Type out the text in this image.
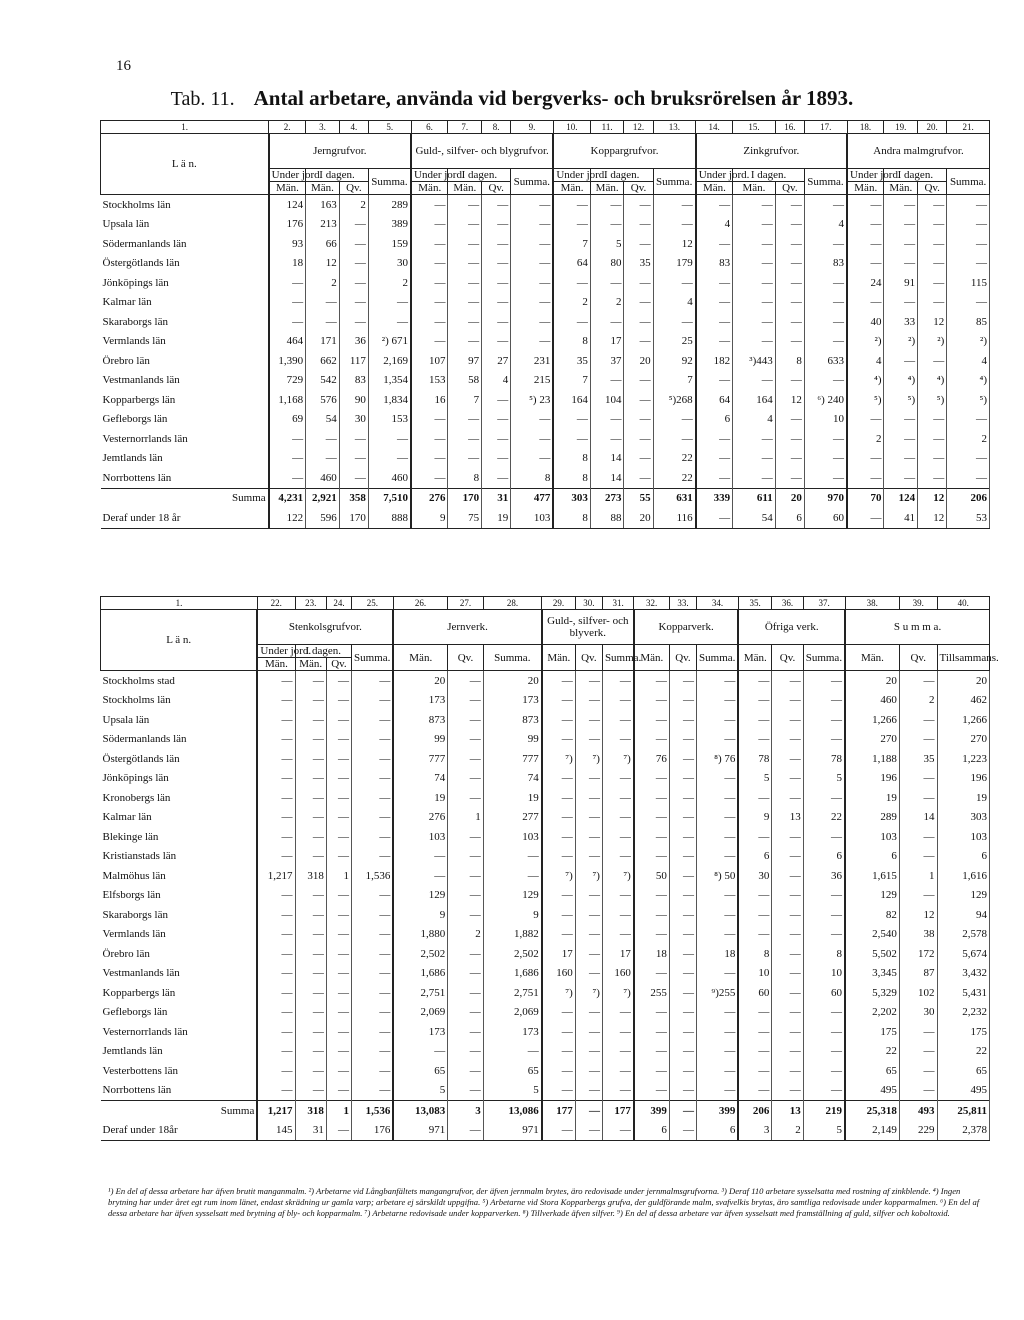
16
Tab. 11. Antal arbetare, använda vid bergverks- och bruksrörelsen år 1893.
1.	2.	3.	4.	5.	6.	7.	8.	9.	10.	11.	12.	13.	14.	15.	16.	17.	18.	19.	20.	21.
L ä n.	Jerngrufvor.				Guld-, silfver- och blygrufvor.				Koppargrufvor.				Zinkgrufvor.				Andra malmgrufvor.			
	Under jord.	I dagen.		Summa.	Under jord.	I dagen.		Summa.	Under jord.	I dagen.		Summa.	Under jord.	I dagen.		Summa.	Under jord.	I dagen.		Summa.
	Män.	Män.	Qv.		Män.	Män.	Qv.		Män.	Män.	Qv.		Män.	Män.	Qv.		Män.	Män.	Qv.	
Stockholms län	124	163	2	289	—	—	—	—	—	—	—	—	—	—	—	—	—	—	—	—
Upsala län	176	213	—	389	—	—	—	—	—	—	—	—	4	—	—	4	—	—	—	—
Södermanlands län	93	66	—	159	—	—	—	—	7	5	—	12	—	—	—	—	—	—	—	—
Östergötlands län	18	12	—	30	—	—	—	—	64	80	35	179	83	—	—	83	—	—	—	—
Jönköpings län	—	2	—	2	—	—	—	—	—	—	—	—	—	—	—	—	24	91	—	115
Kalmar län	—	—	—	—	—	—	—	—	2	2	—	4	—	—	—	—	—	—	—	—
Skaraborgs län	—	—	—	—	—	—	—	—	—	—	—	—	—	—	—	—	40	33	12	85
Vermlands län	464	171	36	²) 671	—	—	—	—	8	17	—	25	—	—	—	—	²)	²)	²)	²)
Örebro län	1,390	662	117	2,169	107	97	27	231	35	37	20	92	182	³)443	8	633	4	—	—	4
Vestmanlands län	729	542	83	1,354	153	58	4	215	7	—	—	7	—	—	—	—	⁴)	⁴)	⁴)	⁴)
Kopparbergs län	1,168	576	90	1,834	16	7	—	⁵) 23	164	104	—	⁵)268	64	164	12	⁶) 240	⁵)	⁵)	⁵)	⁵)
Gefleborgs län	69	54	30	153	—	—	—	—	—	—	—	—	6	4	—	10	—	—	—	—
Vesternorrlands län	—	—	—	—	—	—	—	—	—	—	—	—	—	—	—	—	2	—	—	2
Jemtlands län	—	—	—	—	—	—	—	—	8	14	—	22	—	—	—	—	—	—	—	—
Norrbottens län	—	460	—	460	—	8	—	8	8	14	—	22	—	—	—	—	—	—	—	—
Summa	4,231	2,921	358	7,510	276	170	31	477	303	273	55	631	339	611	20	970	70	124	12	206
Deraf under 18 år	122	596	170	888	9	75	19	103	8	88	20	116	—	54	6	60	—	41	12	53
1.	22.	23.	24.	25.	26.	27.	28.	29.	30.	31.	32.	33.	34.	35.	36.	37.	38.	39.	40.
L ä n.	Stenkolsgrufvor.				Jernverk.			Guld-, silfver- och blyverk.			Kopparverk.			Öfriga verk.			S u m m a.		
	Under jord.	I dagen.		Summa.	Män.	Qv.	Summa.	Män.	Qv.	Summa.	Män.	Qv.	Summa.	Män.	Qv.	Summa.	Män.	Qv.	Tillsammans.
	Män.	Män.	Qv.																
Stockholms stad	—	—	—	—	20	—	20	—	—	—	—	—	—	—	—	—	20	—	20
Stockholms län	—	—	—	—	173	—	173	—	—	—	—	—	—	—	—	—	460	2	462
Upsala län	—	—	—	—	873	—	873	—	—	—	—	—	—	—	—	—	1,266	—	1,266
Södermanlands län	—	—	—	—	99	—	99	—	—	—	—	—	—	—	—	—	270	—	270
Östergötlands län	—	—	—	—	777	—	777	⁷)	⁷)	⁷)	76	—	⁸) 76	78	—	78	1,188	35	1,223
Jönköpings län	—	—	—	—	74	—	74	—	—	—	—	—	—	5	—	5	196	—	196
Kronobergs län	—	—	—	—	19	—	19	—	—	—	—	—	—	—	—	—	19	—	19
Kalmar län	—	—	—	—	276	1	277	—	—	—	—	—	—	9	13	22	289	14	303
Blekinge län	—	—	—	—	103	—	103	—	—	—	—	—	—	—	—	—	103	—	103
Kristianstads län	—	—	—	—	—	—	—	—	—	—	—	—	—	6	—	6	6	—	6
Malmöhus län	1,217	318	1	1,536	—	—	—	⁷)	⁷)	⁷)	50	—	⁸) 50	30	—	36	1,615	1	1,616
Elfsborgs län	—	—	—	—	129	—	129	—	—	—	—	—	—	—	—	—	129	—	129
Skaraborgs län	—	—	—	—	9	—	9	—	—	—	—	—	—	—	—	—	82	12	94
Vermlands län	—	—	—	—	1,880	2	1,882	—	—	—	—	—	—	—	—	—	2,540	38	2,578
Örebro län	—	—	—	—	2,502	—	2,502	17	—	17	18	—	18	8	—	8	5,502	172	5,674
Vestmanlands län	—	—	—	—	1,686	—	1,686	160	—	160	—	—	—	10	—	10	3,345	87	3,432
Kopparbergs län	—	—	—	—	2,751	—	2,751	⁷)	⁷)	⁷)	255	—	⁹)255	60	—	60	5,329	102	5,431
Gefleborgs län	—	—	—	—	2,069	—	2,069	—	—	—	—	—	—	—	—	—	2,202	30	2,232
Vesternorrlands län	—	—	—	—	173	—	173	—	—	—	—	—	—	—	—	—	175	—	175
Jemtlands län	—	—	—	—	—	—	—	—	—	—	—	—	—	—	—	—	22	—	22
Vesterbottens län	—	—	—	—	65	—	65	—	—	—	—	—	—	—	—	—	65	—	65
Norrbottens län	—	—	—	—	5	—	5	—	—	—	—	—	—	—	—	—	495	—	495
Summa	1,217	318	1	1,536	13,083	3	13,086	177	—	177	399	—	399	206	13	219	25,318	493	25,811
Deraf under 18år	145	31	—	176	971	—	971	—	—	—	6	—	6	3	2	5	2,149	229	2,378

¹) En del af dessa arbetare har äfven brutit manganmalm. ²) Arbetarne vid Långbanfältets mangangrufvor, der äfven jernmalm brytes, äro redovisade under jernmalmsgrufvorna. ³) Deraf 110 arbetare sysselsatta med rostning af zinkblende. ⁴) Ingen brytning har under året egt rum inom länet, endast skrädning ur gamla varp; arbetare ej särskildt uppgifna. ⁵) Arbetarne vid Stora Kopparbergs grufva, der guldförande malm, svafvelkis brytas, äro samtliga redovisade under kopparmalmen. ⁶) En del af dessa arbetare har äfven sysselsatt med brytning af bly- och kopparmalm. ⁷) Arbetarne redovisade under kopparverken. ⁸) Tillverkade äfven silfver. ⁹) En del af dessa arbetare var äfven sysselsatt med framställning af guld, silfver och koboltoxid.
